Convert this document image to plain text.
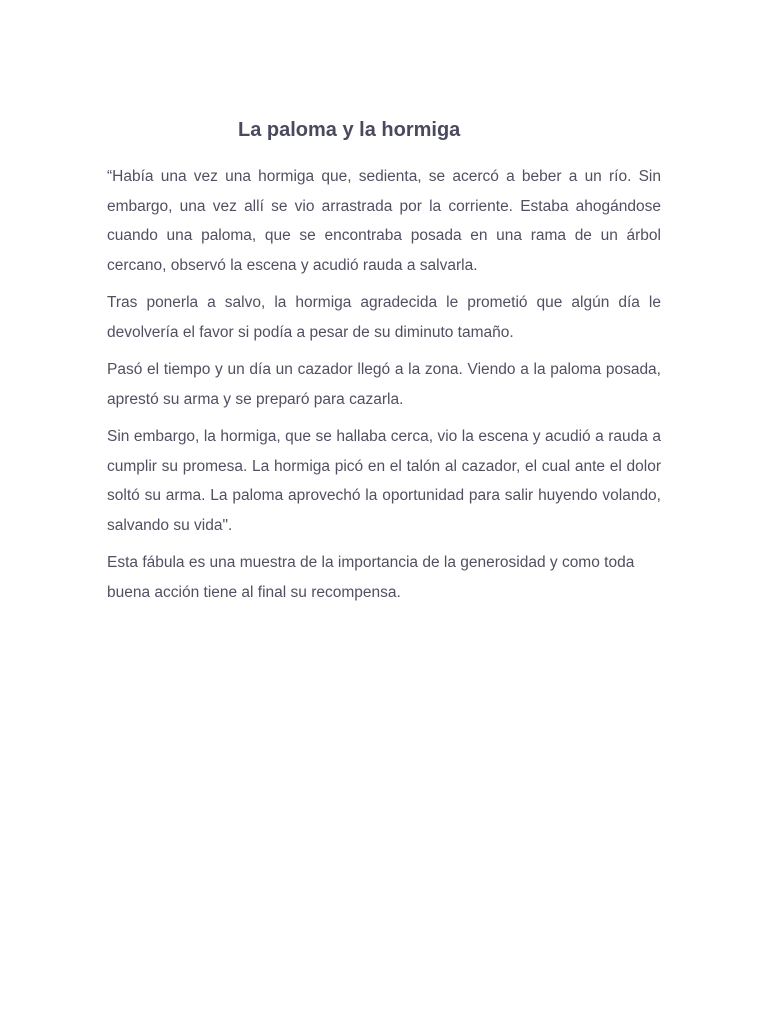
La paloma y la hormiga

“Había una vez una hormiga que, sedienta, se acercó a beber a un río. Sin embargo, una vez allí se vio arrastrada por la corriente. Estaba ahogándose cuando una paloma, que se encontraba posada en una rama de un árbol cercano, observó la escena y acudió rauda a salvarla.

Tras ponerla a salvo, la hormiga agradecida le prometió que algún día le devolvería el favor si podía a pesar de su diminuto tamaño.

Pasó el tiempo y un día un cazador llegó a la zona. Viendo a la paloma posada, aprestó su arma y se preparó para cazarla.

Sin embargo, la hormiga, que se hallaba cerca, vio la escena y acudió a rauda a cumplir su promesa. La hormiga picó en el talón al cazador, el cual ante el dolor soltó su arma. La paloma aprovechó la oportunidad para salir huyendo volando, salvando su vida".

Esta fábula es una muestra de la importancia de la generosidad y como toda buena acción tiene al final su recompensa.
